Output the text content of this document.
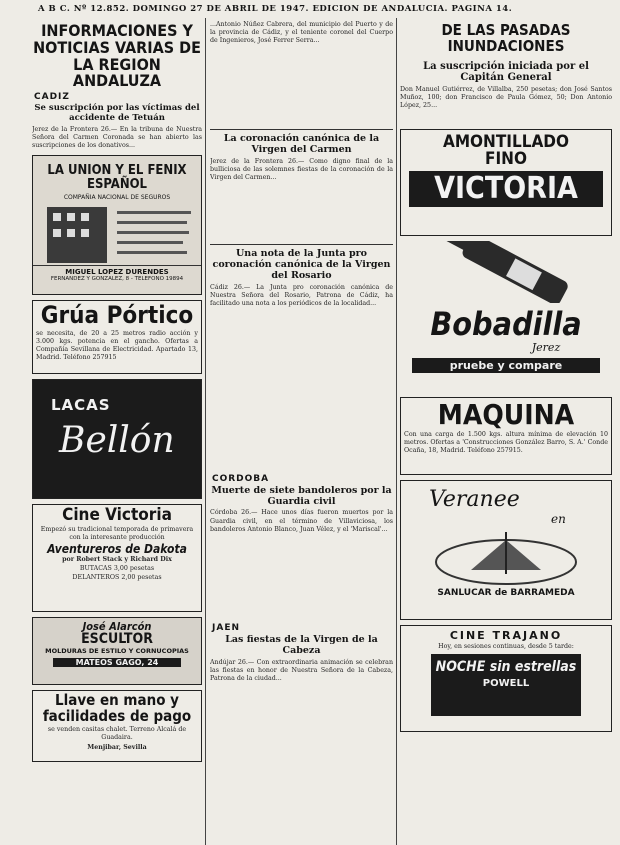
A B C. Nº 12.852. DOMINGO 27 DE ABRIL DE 1947. EDICION DE ANDALUCIA. PAGINA 14.
INFORMACIONES Y NOTICIAS VARIAS DE LA REGION ANDALUZA
CADIZ
Se suscripción por las víctimas del accidente de Tetuán
Jerez de la Frontera 26.— En la tribuna de Nuestra Señora del Carmen Coronada se han abierto las suscripciones de los donativos...
LA UNION Y EL FENIX
ESPAÑOL
COMPAÑIA NACIONAL DE SEGUROS
MIGUEL LOPEZ DURENDES
FERNANDEZ Y GONZALEZ, 8 - TELEFONO 19894
Grúa Pórtico
se necesita, de 20 a 25 metros radio acción y 3.000 kgs. potencia en el gancho. Ofertas a Compañía Sevillana de Electricidad. Apartado 13, Madrid. Teléfono 257915
LACAS
Bellón
Cine Victoria
Empezó su tradicional temporada de primavera con la interesante producción
Aventureros de Dakota
por Robert Stack y Richard Dix
BUTACAS 3,00 pesetas
DELANTEROS 2,00 pesetas
José Alarcón
ESCULTOR
MOLDURAS DE ESTILO Y CORNUCOPIAS
MATEOS GAGO, 24
Llave en mano y facilidades de pago
se venden casitas chalet. Terreno Alcalá de Guadaira.
Menjibar, Sevilla
...Antonio Núñez Cabrera, del municipio del Puerto y de la provincia de Cádiz, y el teniente coronel del Cuerpo de Ingenieros, José Ferrer Serra...
La coronación canónica de la Virgen del Carmen
Jerez de la Frontera 26.— Como digno final de la bulliciosa de las solemnes fiestas de la coronación de la Virgen del Carmen...
Una nota de la Junta pro coronación canónica de la Virgen del Rosario
Cádiz 26.— La Junta pro coronación canónica de Nuestra Señora del Rosario, Patrona de Cádiz, ha facilitado una nota a los periódicos de la localidad...
CORDOBA
Muerte de siete bandoleros por la Guardia civil
Córdoba 26.— Hace unos días fueron muertos por la Guardia civil, en el término de Villaviciosa, los bandoleros Antonio Blanco, Juan Vélez, y el 'Mariscal'...
JAEN
Las fiestas de la Virgen de la Cabeza
Andújar 26.— Con extraordinaria animación se celebran las fiestas en honor de Nuestra Señora de la Cabeza, Patrona de la ciudad...
DE LAS PASADAS INUNDACIONES
La suscripción iniciada por el Capitán General
Don Manuel Gutiérrez, de Villalba, 250 pesetas; don José Santos Muñoz, 100; don Francisco de Paula Gómez, 50; Don Antonio López, 25...
AMONTILLADO
FINO
VICTORIA
Bobadilla
Jerez
pruebe y compare
MAQUINA
Con una carga de 1.500 kgs. altura mínima de elevación 10 metros. Ofertas a 'Construcciones González Barro, S. A.' Conde Ocaña, 18, Madrid. Teléfono 257915.
Veranee
en
SANLUCAR de BARRAMEDA
CINE TRAJANO
Hoy, en sesiones continuas, desde 5 tarde:
NOCHE sin estrellas
POWELL
